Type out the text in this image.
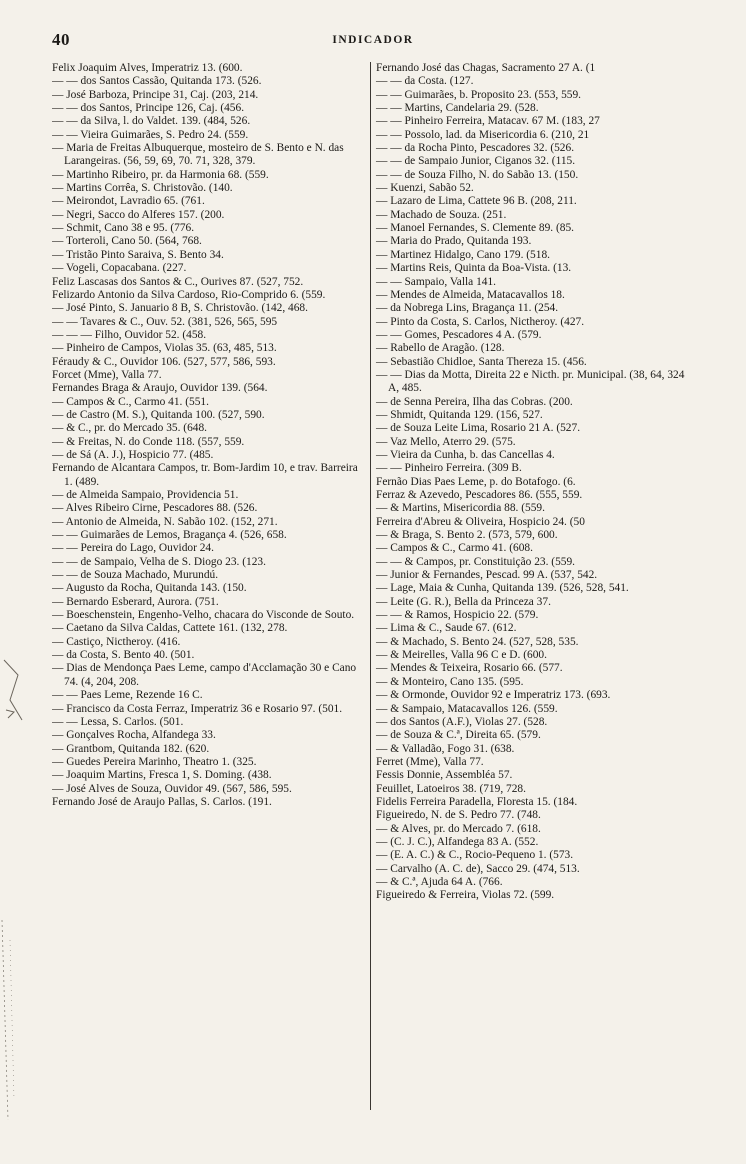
40	INDICADOR

Felix Joaquim Alves, Imperatriz 13. (600.

— — dos Santos Cassão, Quitanda 173. (526.

— José Barboza, Principe 31, Caj. (203, 214.

— — dos Santos, Principe 126, Caj. (456.

— — da Silva, l. do Valdet. 139. (484, 526.

— — Vieira Guimarães, S. Pedro 24. (559.

— Maria de Freitas Albuquerque, mosteiro de S. Bento e N. das Larangeiras. (56, 59, 69, 70. 71, 328, 379.

— Martinho Ribeiro, pr. da Harmonia 68. (559.

— Martins Corrêa, S. Christovão. (140.

— Meirondot, Lavradio 65. (761.

— Negri, Sacco do Alferes 157. (200.

— Schmit, Cano 38 e 95. (776.

— Torteroli, Cano 50. (564, 768.

— Tristão Pinto Saraiva, S. Bento 34.

— Vogeli, Copacabana. (227.

Feliz Lascasas dos Santos & C., Ourives 87. (527, 752.

Felizardo Antonio da Silva Cardoso, Rio-Comprido 6. (559.

— José Pinto, S. Januario 8 B, S. Christovão. (142, 468.

— — Tavares & C., Ouv. 52. (381, 526, 565, 595

— — — Filho, Ouvidor 52. (458.

— Pinheiro de Campos, Violas 35. (63, 485, 513.

Féraudy & C., Ouvidor 106. (527, 577, 586, 593.

Forcet (Mme), Valla 77.

Fernandes Braga & Araujo, Ouvidor 139. (564.

— Campos & C., Carmo 41. (551.

— de Castro (M. S.), Quitanda 100. (527, 590.

— & C., pr. do Mercado 35. (648.

— & Freitas, N. do Conde 118. (557, 559.

— de Sá (A. J.), Hospicio 77. (485.

Fernando de Alcantara Campos, tr. Bom-Jardim 10, e trav. Barreira 1. (489.

— de Almeida Sampaio, Providencia 51.

— Alves Ribeiro Cirne, Pescadores 88. (526.

— Antonio de Almeida, N. Sabão 102. (152, 271.

— — Guimarães de Lemos, Bragança 4. (526, 658.

— — Pereira do Lago, Ouvidor 24.

— — de Sampaio, Velha de S. Diogo 23. (123.

— — de Souza Machado, Murundú.

— Augusto da Rocha, Quitanda 143. (150.

— Bernardo Esberard, Aurora. (751.

— Boeschenstein, Engenho-Velho, chacara do Visconde de Souto.

— Caetano da Silva Caldas, Cattete 161. (132, 278.

— Castiço, Nictheroy. (416.

— da Costa, S. Bento 40. (501.

— Dias de Mendonça Paes Leme, campo d'Acclamação 30 e Cano 74. (4, 204, 208.

— — Paes Leme, Rezende 16 C.

— Francisco da Costa Ferraz, Imperatriz 36 e Rosario 97. (501.

— — Lessa, S. Carlos. (501.

— Gonçalves Rocha, Alfandega 33.

— Grantbom, Quitanda 182. (620.

— Guedes Pereira Marinho, Theatro 1. (325.

— Joaquim Martins, Fresca 1, S. Doming. (438.

— José Alves de Souza, Ouvidor 49. (567, 586, 595.

Fernando José de Araujo Pallas, S. Carlos. (191.

Fernando José das Chagas, Sacramento 27 A. (1

— — da Costa. (127.

— — Guimarães, b. Proposito 23. (553, 559.

— — Martins, Candelaria 29. (528.

— — Pinheiro Ferreira, Matacav. 67 M. (183, 27

— — Possolo, lad. da Misericordia 6. (210, 21

— — da Rocha Pinto, Pescadores 32. (526.

— — de Sampaio Junior, Ciganos 32. (115.

— — de Souza Filho, N. do Sabão 13. (150.

— Kuenzi, Sabão 52.

— Lazaro de Lima, Cattete 96 B. (208, 211.

— Machado de Souza. (251.

— Manoel Fernandes, S. Clemente 89. (85.

— Maria do Prado, Quitanda 193.

— Martinez Hidalgo, Cano 179. (518.

— Martins Reis, Quinta da Boa-Vista. (13.

— — Sampaio, Valla 141.

— Mendes de Almeida, Matacavallos 18.

— da Nobrega Lins, Bragança 11. (254.

— Pinto da Costa, S. Carlos, Nictheroy. (427.

— — Gomes, Pescadores 4 A. (579.

— Rabello de Aragão. (128.

— Sebastião Chidloe, Santa Thereza 15. (456.

— — Dias da Motta, Direita 22 e Nicth. pr. Municipal. (38, 64, 324 A, 485.

— de Senna Pereira, Ilha das Cobras. (200.

— Shmidt, Quitanda 129. (156, 527.

— de Souza Leite Lima, Rosario 21 A. (527.

— Vaz Mello, Aterro 29. (575.

— Vieira da Cunha, b. das Cancellas 4.

— — Pinheiro Ferreira. (309 B.

Fernão Dias Paes Leme, p. do Botafogo. (6.

Ferraz & Azevedo, Pescadores 86. (555, 559.

— & Martins, Misericordia 88. (559.

Ferreira d'Abreu & Oliveira, Hospicio 24. (50

— & Braga, S. Bento 2. (573, 579, 600.

— Campos & C., Carmo 41. (608.

— — & Campos, pr. Constituição 23. (559.

— Junior & Fernandes, Pescad. 99 A. (537, 542.

— Lage, Maia & Cunha, Quitanda 139. (526, 528, 541.

— Leite (G. R.), Bella da Princeza 37.

— — & Ramos, Hospicio 22. (579.

— Lima & C., Saude 67. (612.

— & Machado, S. Bento 24. (527, 528, 535.

— & Meirelles, Valla 96 C e D. (600.

— Mendes & Teixeira, Rosario 66. (577.

— & Monteiro, Cano 135. (595.

— & Ormonde, Ouvidor 92 e Imperatriz 173. (693.

— & Sampaio, Matacavallos 126. (559.

— dos Santos (A.F.), Violas 27. (528.

— de Souza & C.ª, Direita 65. (579.

— & Valladão, Fogo 31. (638.

Ferret (Mme), Valla 77.

Fessis Donnie, Assembléa 57.

Feuillet, Latoeiros 38. (719, 728.

Fidelis Ferreira Paradella, Floresta 15. (184.

Figueiredo, N. de S. Pedro 77. (748.

— & Alves, pr. do Mercado 7. (618.

— (C. J. C.), Alfandega 83 A. (552.

— (E. A. C.) & C., Rocio-Pequeno 1. (573.

— Carvalho (A. C. de), Sacco 29. (474, 513.

— & C.ª, Ajuda 64 A. (766.

Figueiredo & Ferreira, Violas 72. (599.
